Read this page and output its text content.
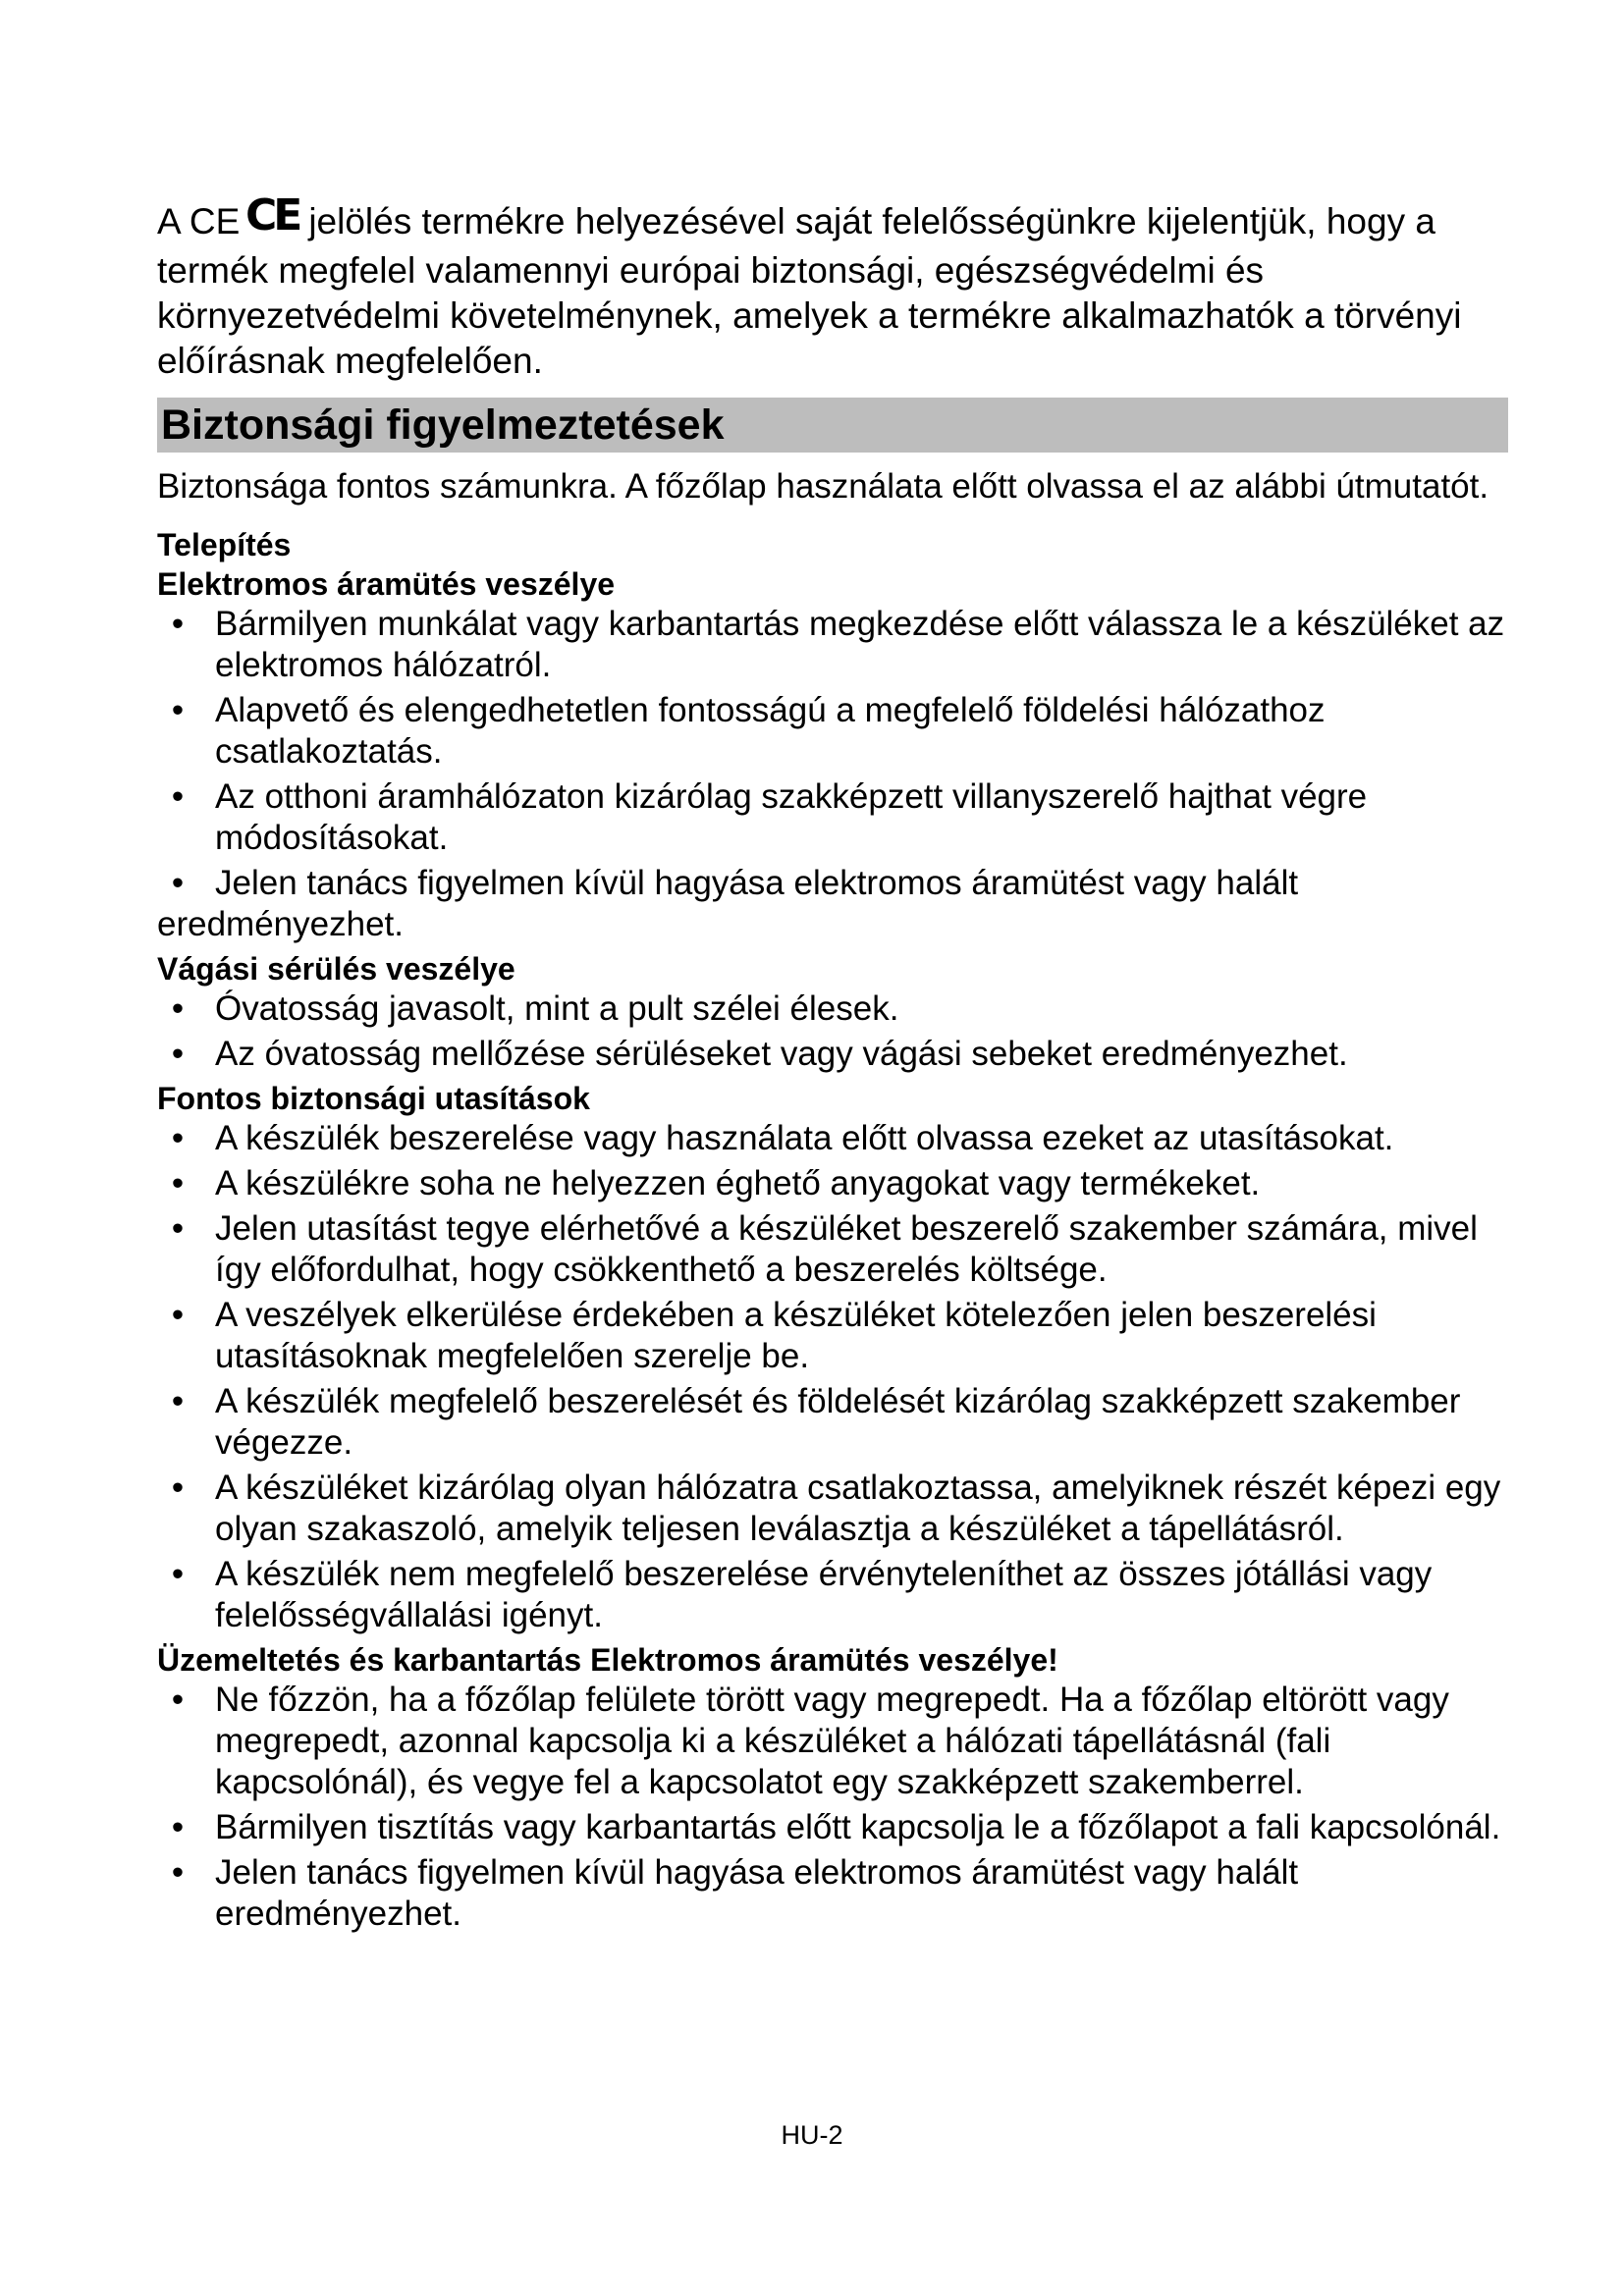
A CE CE jelölés termékre helyezésével saját felelősségünkre kijelentjük, hogy a termék megfelel valamennyi európai biztonsági, egészségvédelmi és környezetvédelmi követelménynek, amelyek a termékre alkalmazhatók a törvényi előírásnak megfelelően.

Biztonsági figyelmeztetések

Biztonsága fontos számunkra. A főzőlap használata előtt olvassa el az alábbi útmutatót.

Telepítés

Elektromos áramütés veszélye

• Bármilyen munkálat vagy karbantartás megkezdése előtt válassza le a készüléket az elektromos hálózatról.
• Alapvető és elengedhetetlen fontosságú a megfelelő földelési hálózathoz csatlakoztatás.
• Az otthoni áramhálózaton kizárólag szakképzett villanyszerelő hajthat végre módosításokat.

• Jelen tanács figyelmen kívül hagyása elektromos áramütést vagy halált eredményezhet.

Vágási sérülés veszélye

• Óvatosság javasolt, mint a pult szélei élesek.
• Az óvatosság mellőzése sérüléseket vagy vágási sebeket eredményezhet.

Fontos biztonsági utasítások

• A készülék beszerelése vagy használata előtt olvassa ezeket az utasításokat.
• A készülékre soha ne helyezzen éghető anyagokat vagy termékeket.
• Jelen utasítást tegye elérhetővé a készüléket beszerelő szakember számára, mivel így előfordulhat, hogy csökkenthető a beszerelés költsége.
• A veszélyek elkerülése érdekében a készüléket kötelezően jelen beszerelési utasításoknak megfelelően szerelje be.
• A készülék megfelelő beszerelését és földelését kizárólag szakképzett szakember végezze.
• A készüléket kizárólag olyan hálózatra csatlakoztassa, amelyiknek részét képezi egy olyan szakaszoló, amelyik teljesen leválasztja a készüléket a tápellátásról.
• A készülék nem megfelelő beszerelése érvényteleníthet az összes jótállási vagy felelősségvállalási igényt.

Üzemeltetés és karbantartás Elektromos áramütés veszélye!

• Ne főzzön, ha a főzőlap felülete törött vagy megrepedt. Ha a főzőlap eltörött vagy megrepedt, azonnal kapcsolja ki a készüléket a hálózati tápellátásnál (fali kapcsolónál), és vegye fel a kapcsolatot egy szakképzett szakemberrel.
• Bármilyen tisztítás vagy karbantartás előtt kapcsolja le a főzőlapot a fali kapcsolónál.
• Jelen tanács figyelmen kívül hagyása elektromos áramütést vagy halált eredményezhet.
HU-2
